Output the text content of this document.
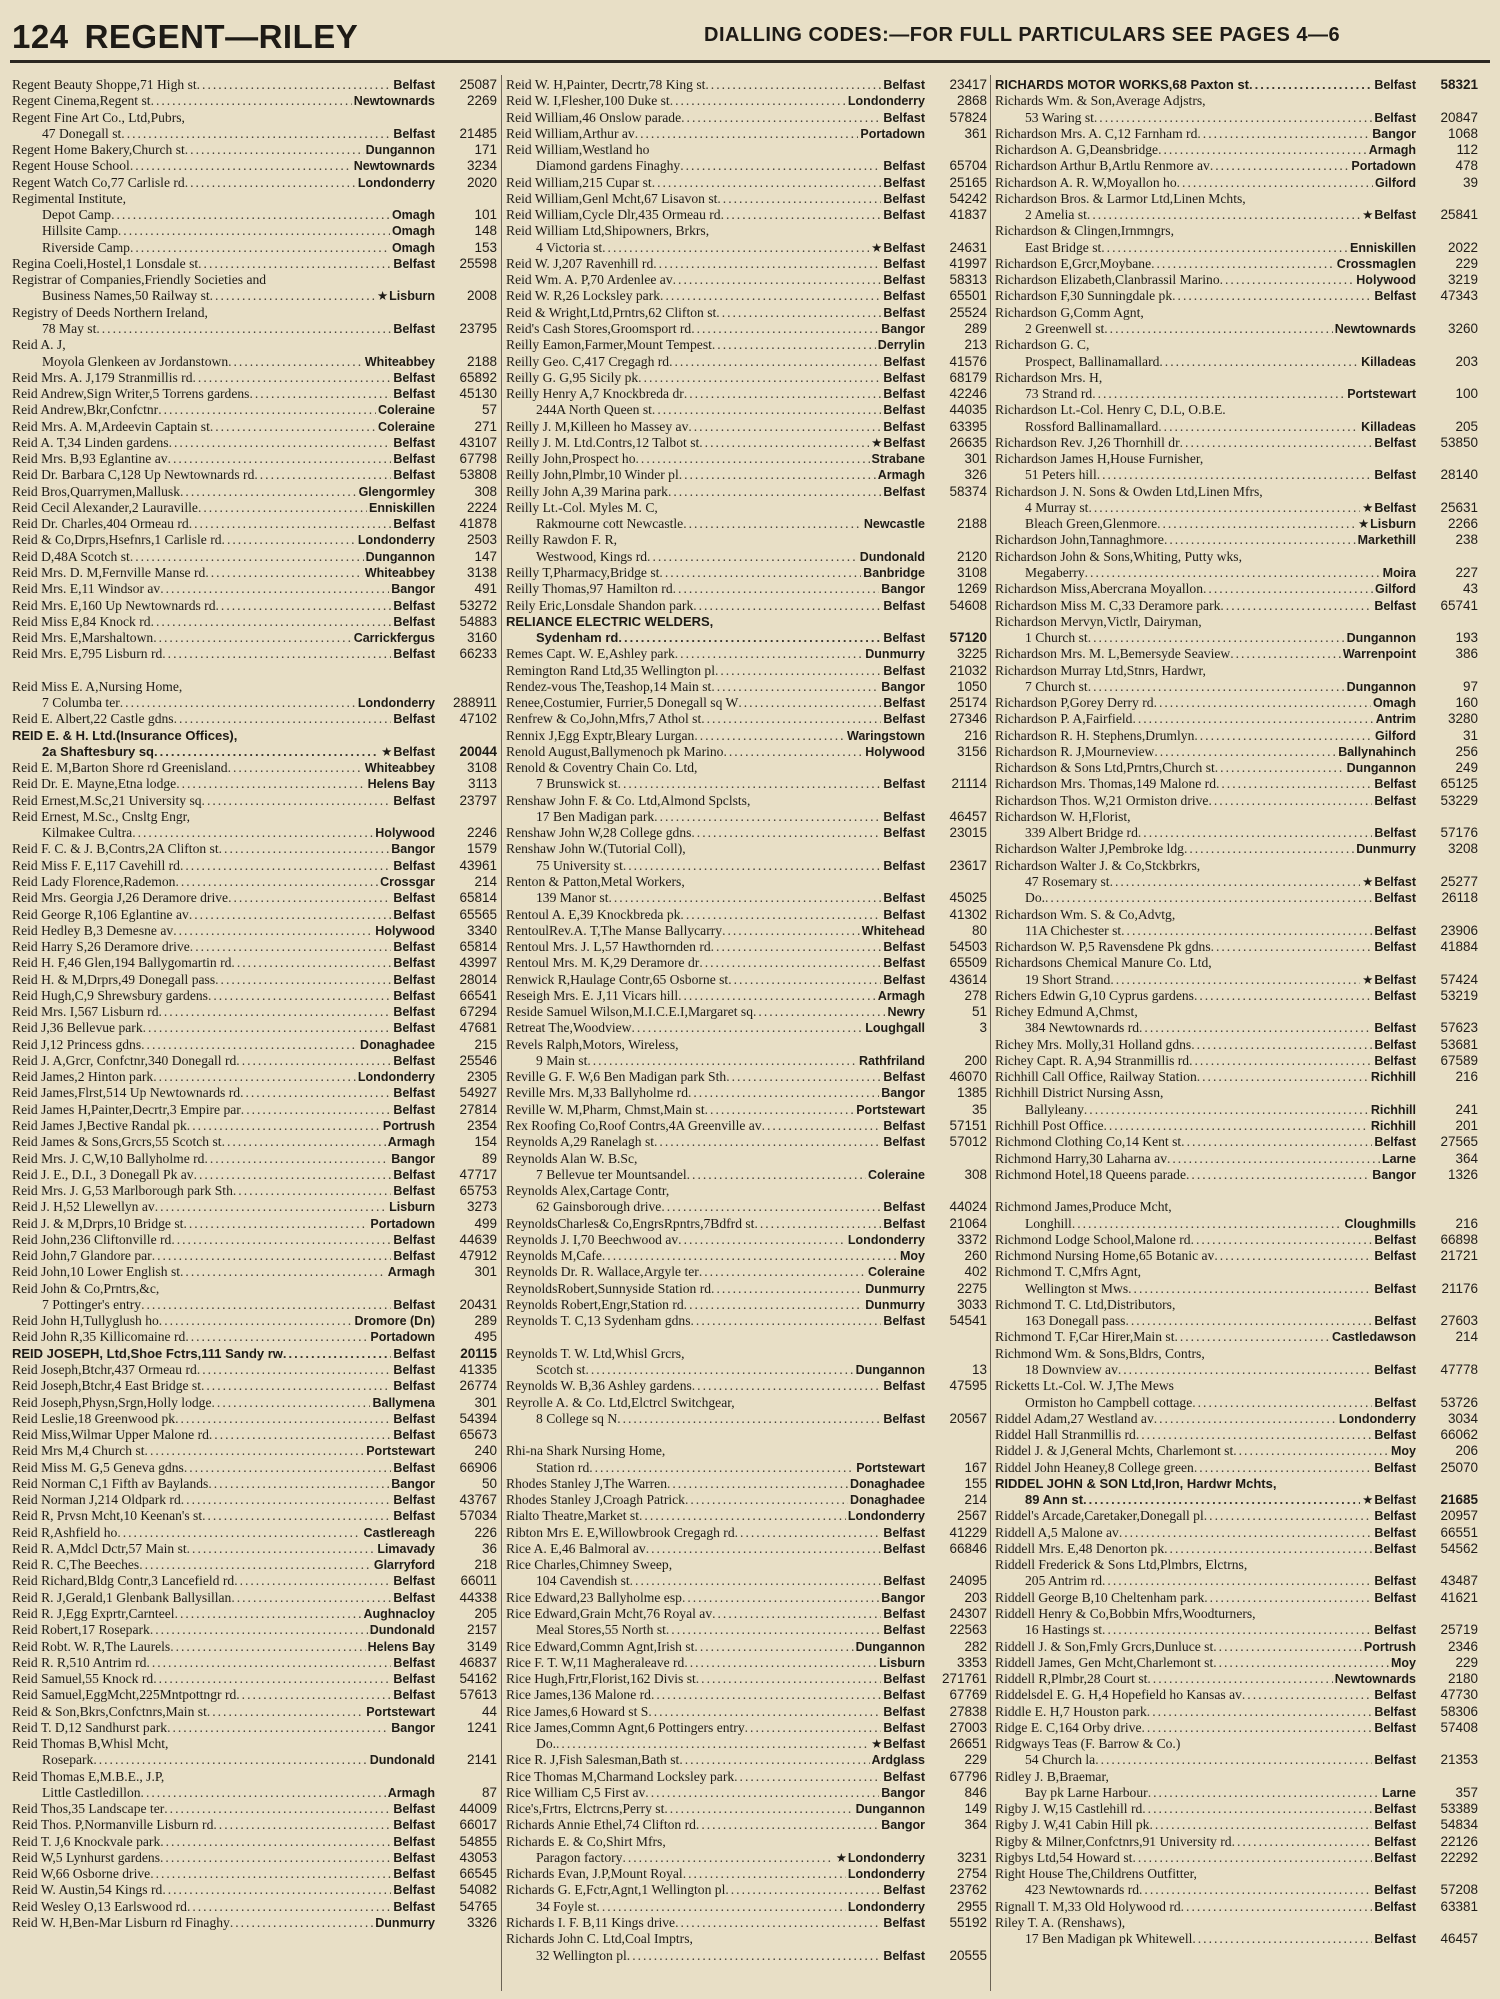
124 REGENT—RILEY	DIALLING CODES:—FOR FULL PARTICULARS SEE PAGES 4—6
Regent Beauty Shoppe,71 High st .....	Belfast	25087
Regent Cinema,Regent st .....	Newtownards	2269
Regent Fine Art Co., Ltd,Pubrs,
47 Donegall st .....	Belfast	21485
Regent Home Bakery,Church st .....	Dungannon	171
Regent House School .....	Newtownards	3234
Regent Watch Co,77 Carlisle rd .....	Londonderry	2020
Regimental Institute,
Depot Camp .....	Omagh	101
Hillsite Camp .....	Omagh	148
Riverside Camp .....	Omagh	153
Regina Coeli,Hostel,1 Lonsdale st .....	Belfast	25598
Registrar of Companies,Friendly Societies and
Business Names,50 Railway st .....	★Lisburn	2008
Registry of Deeds Northern Ireland,
78 May st .....	Belfast	23795
Reid A. J,
Moyola Glenkeen av Jordanstown .....	Whiteabbey	2188
Reid Mrs. A. J,179 Stranmillis rd .....	Belfast	65892
Reid Andrew,Sign Writer,5 Torrens gardens .....	Belfast	45130
Reid Andrew,Bkr,Confctnr .....	Coleraine	57
Reid Mrs. A. M,Ardeevin Captain st .....	Coleraine	271
Reid A. T,34 Linden gardens .....	Belfast	43107
Reid Mrs. B,93 Eglantine av .....	Belfast	67798
Reid Dr. Barbara C,128 Up Newtownards rd .....	Belfast	53808
Reid Bros,Quarrymen,Mallusk .....	Glengormley	308
Reid Cecil Alexander,2 Lauraville .....	Enniskillen	2224
Reid Dr. Charles,404 Ormeau rd .....	Belfast	41878
Reid & Co,Drprs,Hsefnrs,1 Carlisle rd .....	Londonderry	2503
Reid D,48A Scotch st .....	Dungannon	147
Reid Mrs. D. M,Fernville Manse rd .....	Whiteabbey	3138
Reid Mrs. E,11 Windsor av .....	Bangor	491
Reid Mrs. E,160 Up Newtownards rd .....	Belfast	53272
Reid Miss E,84 Knock rd .....	Belfast	54883
Reid Mrs. E,Marshaltown .....	Carrickfergus	3160
Reid Mrs. E,795 Lisburn rd .....	Belfast	66233
Reid Miss E. A,Nursing Home,
7 Columba ter .....	Londonderry	288911
Reid E. Albert,22 Castle gdns .....	Belfast	47102
REID E. & H. Ltd.(Insurance Offices),
2a Shaftesbury sq .....	★Belfast	20044
Reid E. M,Barton Shore rd Greenisland .....	Whiteabbey	3108
Reid Dr. E. Mayne,Etna lodge .....	Helens Bay	3113
Reid Ernest,M.Sc,21 University sq .....	Belfast	23797
Reid Ernest, M.Sc., Cnsltg Engr,
Kilmakee Cultra .....	Holywood	2246
Reid F. C. & J. B,Contrs,2A Clifton st .....	Bangor	1579
Reid Miss F. E,117 Cavehill rd .....	Belfast	43961
Reid Lady Florence,Rademon .....	Crossgar	214
Reid Mrs. Georgia J,26 Deramore drive .....	Belfast	65814
Reid George R,106 Eglantine av .....	Belfast	65565
Reid Hedley B,3 Demesne av .....	Holywood	3340
Reid Harry S,26 Deramore drive .....	Belfast	65814
Reid H. F,46 Glen,194 Ballygomartin rd .....	Belfast	43997
Reid H. & M,Drprs,49 Donegall pass .....	Belfast	28014
Reid Hugh,C,9 Shrewsbury gardens .....	Belfast	66541
Reid Mrs. I,567 Lisburn rd .....	Belfast	67294
Reid J,36 Bellevue park .....	Belfast	47681
Reid J,12 Princess gdns .....	Donaghadee	215
Reid J. A,Grcr, Confctnr,340 Donegall rd .....	Belfast	25546
Reid James,2 Hinton park .....	Londonderry	2305
Reid James,Flrst,514 Up Newtownards rd .....	Belfast	54927
Reid James H,Painter,Decrtr,3 Empire par .....	Belfast	27814
Reid James J,Bective Randal pk .....	Portrush	2354
Reid James & Sons,Grcrs,55 Scotch st .....	Armagh	154
Reid Mrs. J. C,W,10 Ballyholme rd .....	Bangor	89
Reid J. E., D.I., 3 Donegall Pk av .....	Belfast	47717
Reid Mrs. J. G,53 Marlborough park Sth .....	Belfast	65753
Reid J. H,52 Llewellyn av .....	Lisburn	3273
Reid J. & M,Drprs,10 Bridge st .....	Portadown	499
Reid John,236 Cliftonville rd .....	Belfast	44639
Reid John,7 Glandore par .....	Belfast	47912
Reid John,10 Lower English st .....	Armagh	301
Reid John & Co,Prntrs,&c,
7 Pottinger's entry .....	Belfast	20431
Reid John H,Tullyglush ho .....	Dromore (Dn)	289
Reid John R,35 Killicomaine rd .....	Portadown	495
REID JOSEPH, Ltd,Shoe Fctrs,111 Sandy rw .....	Belfast	20115
Reid Joseph,Btchr,437 Ormeau rd .....	Belfast	41335
Reid Joseph,Btchr,4 East Bridge st .....	Belfast	26774
Reid Joseph,Physn,Srgn,Holly lodge .....	Ballymena	301
Reid Leslie,18 Greenwood pk .....	Belfast	54394
Reid Miss,Wilmar Upper Malone rd .....	Belfast	65673
Reid Mrs M,4 Church st .....	Portstewart	240
Reid Miss M. G,5 Geneva gdns .....	Belfast	66906
Reid Norman C,1 Fifth av Baylands .....	Bangor	50
Reid Norman J,214 Oldpark rd .....	Belfast	43767
Reid R, Prvsn Mcht,10 Keenan's st .....	Belfast	57034
Reid R,Ashfield ho .....	Castlereagh	226
Reid R. A,Mdcl Dctr,57 Main st .....	Limavady	36
Reid R. C,The Beeches .....	Glarryford	218
Reid Richard,Bldg Contr,3 Lancefield rd .....	Belfast	66011
Reid R. J,Gerald,1 Glenbank Ballysillan .....	Belfast	44338
Reid R. J,Egg Exprtr,Carnteel .....	Aughnacloy	205
Reid Robert,17 Rosepark .....	Dundonald	2157
Reid Robt. W. R,The Laurels .....	Helens Bay	3149
Reid R. R,510 Antrim rd .....	Belfast	46837
Reid Samuel,55 Knock rd .....	Belfast	54162
Reid Samuel,EggMcht,225Mntpottngr rd .....	Belfast	57613
Reid & Son,Bkrs,Confctnrs,Main st .....	Portstewart	44
Reid T. D,12 Sandhurst park .....	Bangor	1241
Reid Thomas B,Whisl Mcht,
Rosepark .....	Dundonald	2141
Reid Thomas E,M.B.E., J.P,
Little Castledillon .....	Armagh	87
Reid Thos,35 Landscape ter .....	Belfast	44009
Reid Thos. P,Normanville Lisburn rd .....	Belfast	66017
Reid T. J,6 Knockvale park .....	Belfast	54855
Reid W,5 Lynhurst gardens .....	Belfast	43053
Reid W,66 Osborne drive .....	Belfast	66545
Reid W. Austin,54 Kings rd .....	Belfast	54082
Reid Wesley O,13 Earlswood rd .....	Belfast	54765
Reid W. H,Ben-Mar Lisburn rd Finaghy .....	Dunmurry	3326
Reid W. H,Painter, Decrtr,78 King st .....	Belfast	23417
Reid W. I,Flesher,100 Duke st .....	Londonderry	2868
Reid William,46 Onslow parade .....	Belfast	57824
Reid William,Arthur av .....	Portadown	361
Reid William,Westland ho
Diamond gardens Finaghy .....	Belfast	65704
Reid William,215 Cupar st .....	Belfast	25165
Reid William,Genl Mcht,67 Lisavon st .....	Belfast	54242
Reid William,Cycle Dlr,435 Ormeau rd .....	Belfast	41837
Reid William Ltd,Shipowners, Brkrs,
4 Victoria st .....	★Belfast	24631
Reid W. J,207 Ravenhill rd .....	Belfast	41997
Reid Wm. A. P,70 Ardenlee av .....	Belfast	58313
Reid W. R,26 Locksley park .....	Belfast	65501
Reid & Wright,Ltd,Prntrs,62 Clifton st .....	Belfast	25524
Reid's Cash Stores,Groomsport rd .....	Bangor	289
Reilly Eamon,Farmer,Mount Tempest .....	Derrylin	213
Reilly Geo. C,417 Cregagh rd .....	Belfast	41576
Reilly G. G,95 Sicily pk .....	Belfast	68179
Reilly Henry A,7 Knockbreda dr .....	Belfast	42246
244A North Queen st .....	Belfast	44035
Reilly J. M,Killeen ho Massey av .....	Belfast	63395
Reilly J. M. Ltd.Contrs,12 Talbot st .....	★Belfast	26635
Reilly John,Prospect ho .....	Strabane	301
Reilly John,Plmbr,10 Winder pl .....	Armagh	326
Reilly John A,39 Marina park .....	Belfast	58374
Reilly Lt.-Col. Myles M. C,
Rakmourne cott Newcastle .....	Newcastle	2188
Reilly Rawdon F. R,
Westwood, Kings rd .....	Dundonald	2120
Reilly T,Pharmacy,Bridge st .....	Banbridge	3108
Reilly Thomas,97 Hamilton rd .....	Bangor	1269
Reily Eric,Lonsdale Shandon park .....	Belfast	54608
RELIANCE ELECTRIC WELDERS,
Sydenham rd .....	Belfast	57120
Remes Capt. W. E,Ashley park .....	Dunmurry	3225
Remington Rand Ltd,35 Wellington pl .....	Belfast	21032
Rendez-vous The,Teashop,14 Main st .....	Bangor	1050
Renee,Costumier, Furrier,5 Donegall sq W .....	Belfast	25174
Renfrew & Co,John,Mfrs,7 Athol st .....	Belfast	27346
Rennix J,Egg Exptr,Bleary Lurgan .....	Waringstown	216
Renold August,Ballymenoch pk Marino .....	Holywood	3156
Renold & Coventry Chain Co. Ltd,
7 Brunswick st .....	Belfast	21114
Renshaw John F. & Co. Ltd,Almond Spclsts,
17 Ben Madigan park .....	Belfast	46457
Renshaw John W,28 College gdns .....	Belfast	23015
Renshaw John W.(Tutorial Coll),
75 University st .....	Belfast	23617
Renton & Patton,Metal Workers,
139 Manor st .....	Belfast	45025
Rentoul A. E,39 Knockbreda pk .....	Belfast	41302
RentoulRev.A. T,The Manse Ballycarry .....	Whitehead	80
Rentoul Mrs. J. L,57 Hawthornden rd .....	Belfast	54503
Rentoul Mrs. M. K,29 Deramore dr .....	Belfast	65509
Renwick R,Haulage Contr,65 Osborne st .....	Belfast	43614
Reseigh Mrs. E. J,11 Vicars hill .....	Armagh	278
Reside Samuel Wilson,M.I.C.E.I,Margaret sq .....	Newry	51
Retreat The,Woodview .....	Loughgall	3
Revels Ralph,Motors, Wireless,
9 Main st .....	Rathfriland	200
Reville G. F. W,6 Ben Madigan park Sth .....	Belfast	46070
Reville Mrs. M,33 Ballyholme rd .....	Bangor	1385
Reville W. M,Pharm, Chmst,Main st .....	Portstewart	35
Rex Roofing Co,Roof Contrs,4A Greenville av .....	Belfast	57151
Reynolds A,29 Ranelagh st .....	Belfast	57012
Reynolds Alan W. B.Sc,
7 Bellevue ter Mountsandel .....	Coleraine	308
Reynolds Alex,Cartage Contr,
62 Gainsborough drive .....	Belfast	44024
ReynoldsCharles& Co,EngrsRpntrs,7Bdfrd st .....	Belfast	21064
Reynolds J. I,70 Beechwood av .....	Londonderry	3372
Reynolds M,Cafe .....	Moy	260
Reynolds Dr. R. Wallace,Argyle ter .....	Coleraine	402
ReynoldsRobert,Sunnyside Station rd .....	Dunmurry	2275
Reynolds Robert,Engr,Station rd .....	Dunmurry	3033
Reynolds T. C,13 Sydenham gdns .....	Belfast	54541
Reynolds T. W. Ltd,Whisl Grcrs,
Scotch st .....	Dungannon	13
Reynolds W. B,36 Ashley gardens .....	Belfast	47595
Reyrolle A. & Co. Ltd,Elctrcl Switchgear,
8 College sq N .....	Belfast	20567
Rhi-na Shark Nursing Home,
Station rd .....	Portstewart	167
Rhodes Stanley J,The Warren .....	Donaghadee	155
Rhodes Stanley J,Croagh Patrick .....	Donaghadee	214
Rialto Theatre,Market st .....	Londonderry	2567
Ribton Mrs E. E,Willowbrook Cregagh rd .....	Belfast	41229
Rice A. E,46 Balmoral av .....	Belfast	66846
Rice Charles,Chimney Sweep,
104 Cavendish st .....	Belfast	24095
Rice Edward,23 Ballyholme esp .....	Bangor	203
Rice Edward,Grain Mcht,76 Royal av .....	Belfast	24307
Meal Stores,55 North st .....	Belfast	22563
Rice Edward,Commn Agnt,Irish st .....	Dungannon	282
Rice F. T. W,11 Magheraleave rd .....	Lisburn	3353
Rice Hugh,Frtr,Florist,162 Divis st .....	Belfast	271761
Rice James,136 Malone rd .....	Belfast	67769
Rice James,6 Howard st S .....	Belfast	27838
Rice James,Commn Agnt,6 Pottingers entry .....	Belfast	27003
Do. .....	★Belfast	26651
Rice R. J,Fish Salesman,Bath st .....	Ardglass	229
Rice Thomas M,Charmand Locksley park .....	Belfast	67796
Rice William C,5 First av .....	Bangor	846
Rice's,Frtrs, Elctrcns,Perry st .....	Dungannon	149
Richards Annie Ethel,74 Clifton rd .....	Bangor	364
Richards E. & Co,Shirt Mfrs,
Paragon factory .....	★Londonderry	3231
Richards Evan, J.P,Mount Royal .....	Londonderry	2754
Richards G. E,Fctr,Agnt,1 Wellington pl .....	Belfast	23762
34 Foyle st .....	Londonderry	2955
Richards I. F. B,11 Kings drive .....	Belfast	55192
Richards John C. Ltd,Coal Imptrs,
32 Wellington pl .....	Belfast	20555
RICHARDS MOTOR WORKS,68 Paxton st .....	Belfast	58321
Richards Wm. & Son,Average Adjstrs,
53 Waring st .....	Belfast	20847
Richardson Mrs. A. C,12 Farnham rd .....	Bangor	1068
Richardson A. G,Deansbridge .....	Armagh	112
Richardson Arthur B,Artlu Renmore av .....	Portadown	478
Richardson A. R. W,Moyallon ho .....	Gilford	39
Richardson Bros. & Larmor Ltd,Linen Mchts,
2 Amelia st .....	★Belfast	25841
Richardson & Clingen,Irnmngrs,
East Bridge st .....	Enniskillen	2022
Richardson E,Grcr,Moybane .....	Crossmaglen	229
Richardson Elizabeth,Clanbrassil Marino .....	Holywood	3219
Richardson F,30 Sunningdale pk .....	Belfast	47343
Richardson G,Comm Agnt,
2 Greenwell st .....	Newtownards	3260
Richardson G. C,
Prospect, Ballinamallard .....	Killadeas	203
Richardson Mrs. H,
73 Strand rd .....	Portstewart	100
Richardson Lt.-Col. Henry C, D.L, O.B.E.
Rossford Ballinamallard .....	Killadeas	205
Richardson Rev. J,26 Thornhill dr .....	Belfast	53850
Richardson James H,House Furnisher,
51 Peters hill .....	Belfast	28140
Richardson J. N. Sons & Owden Ltd,Linen Mfrs,
4 Murray st .....	★Belfast	25631
Bleach Green,Glenmore .....	★Lisburn	2266
Richardson John,Tannaghmore .....	Markethill	238
Richardson John & Sons,Whiting, Putty wks,
Megaberry .....	Moira	227
Richardson Miss,Abercrana Moyallon .....	Gilford	43
Richardson Miss M. C,33 Deramore park .....	Belfast	65741
Richardson Mervyn,Victlr, Dairyman,
1 Church st .....	Dungannon	193
Richardson Mrs. M. L,Bemersyde Seaview .....	Warrenpoint	386
Richardson Murray Ltd,Stnrs, Hardwr,
7 Church st .....	Dungannon	97
Richardson P,Gorey Derry rd .....	Omagh	160
Richardson P. A,Fairfield .....	Antrim	3280
Richardson R. H. Stephens,Drumlyn .....	Gilford	31
Richardson R. J,Mourneview .....	Ballynahinch	256
Richardson & Sons Ltd,Prntrs,Church st .....	Dungannon	249
Richardson Mrs. Thomas,149 Malone rd .....	Belfast	65125
Richardson Thos. W,21 Ormiston drive .....	Belfast	53229
Richardson W. H,Florist,
339 Albert Bridge rd .....	Belfast	57176
Richardson Walter J,Pembroke ldg .....	Dunmurry	3208
Richardson Walter J. & Co,Stckbrkrs,
47 Rosemary st .....	★Belfast	25277
Do. .....	Belfast	26118
Richardson Wm. S. & Co,Advtg,
11A Chichester st .....	Belfast	23906
Richardson W. P,5 Ravensdene Pk gdns .....	Belfast	41884
Richardsons Chemical Manure Co. Ltd,
19 Short Strand .....	★Belfast	57424
Richers Edwin G,10 Cyprus gardens .....	Belfast	53219
Richey Edmund A,Chmst,
384 Newtownards rd .....	Belfast	57623
Richey Mrs. Molly,31 Holland gdns .....	Belfast	53681
Richey Capt. R. A,94 Stranmillis rd .....	Belfast	67589
Richhill Call Office, Railway Station .....	Richhill	216
Richhill District Nursing Assn,
Ballyleany .....	Richhill	241
Richhill Post Office .....	Richhill	201
Richmond Clothing Co,14 Kent st .....	Belfast	27565
Richmond Harry,30 Laharna av .....	Larne	364
Richmond Hotel,18 Queens parade .....	Bangor	1326
Richmond James,Produce Mcht,
Longhill .....	Cloughmills	216
Richmond Lodge School,Malone rd .....	Belfast	66898
Richmond Nursing Home,65 Botanic av .....	Belfast	21721
Richmond T. C,Mfrs Agnt,
Wellington st Mws .....	Belfast	21176
Richmond T. C. Ltd,Distributors,
163 Donegall pass .....	Belfast	27603
Richmond T. F,Car Hirer,Main st .....	Castledawson	214
Richmond Wm. & Sons,Bldrs, Contrs,
18 Downview av .....	Belfast	47778
Ricketts Lt.-Col. W. J,The Mews
Ormiston ho Campbell cottage .....	Belfast	53726
Riddel Adam,27 Westland av .....	Londonderry	3034
Riddel Hall Stranmillis rd .....	Belfast	66062
Riddel J. & J,General Mchts, Charlemont st .....	Moy	206
Riddel John Heaney,8 College green .....	Belfast	25070
RIDDEL JOHN & SON Ltd,Iron, Hardwr Mchts,
89 Ann st .....	★Belfast	21685
Riddel's Arcade,Caretaker,Donegall pl .....	Belfast	20957
Riddell A,5 Malone av .....	Belfast	66551
Riddell Mrs. E,48 Denorton pk .....	Belfast	54562
Riddell Frederick & Sons Ltd,Plmbrs, Elctrns,
205 Antrim rd .....	Belfast	43487
Riddell George B,10 Cheltenham park .....	Belfast	41621
Riddell Henry & Co,Bobbin Mfrs,Woodturners,
16 Hastings st .....	Belfast	25719
Riddell J. & Son,Fmly Grcrs,Dunluce st .....	Portrush	2346
Riddell James, Gen Mcht,Charlemont st .....	Moy	229
Riddell R,Plmbr,28 Court st .....	Newtownards	2180
Riddelsdel E. G. H,4 Hopefield ho Kansas av .....	Belfast	47730
Riddle E. H,7 Houston park .....	Belfast	58306
Ridge E. C,164 Orby drive .....	Belfast	57408
Ridgways Teas (F. Barrow & Co.)
54 Church la .....	Belfast	21353
Ridley J. B,Braemar,
Bay pk Larne Harbour .....	Larne	357
Rigby J. W,15 Castlehill rd .....	Belfast	53389
Rigby J. W,41 Cabin Hill pk .....	Belfast	54834
Rigby & Milner,Confctnrs,91 University rd .....	Belfast	22126
Rigbys Ltd,54 Howard st .....	Belfast	22292
Right House The,Childrens Outfitter,
423 Newtownards rd .....	Belfast	57208
Rignall T. M,33 Old Holywood rd .....	Belfast	63381
Riley T. A. (Renshaws),
17 Ben Madigan pk Whitewell .....	Belfast	46457
